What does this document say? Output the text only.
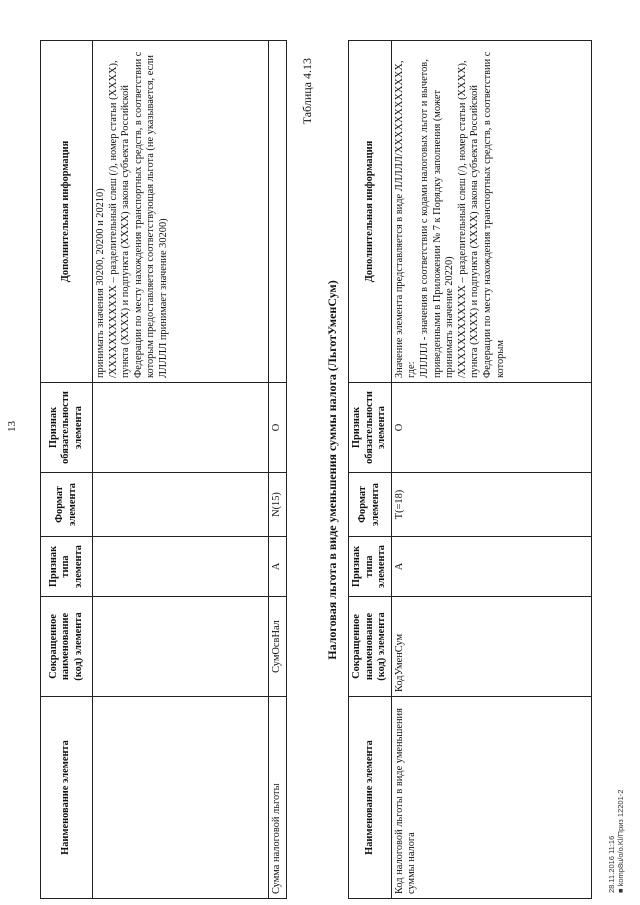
13
Наименование элемента	Сокращенное наименование (код) элемента	Признак типа элемента	Формат элемента	Признак обязательности элемента	Дополнительная информация
					принимать значения 30200, 20200 и 20210)
/ХХХХХХХХХХХХ – разделительный слеш (/), номер статьи (ХХХХ), пункта (ХХХХ) и подпункта (ХХХХ) закона субъекта Российской Федерации по месту нахождения транспортных средств, в соответствии с которым предоставляется соответствующая льгота (не указывается, если ЛЛЛЛЛ принимает значение 30200)
Сумма налоговой льготы	СумОсвНал	А	N(15)	О	
Таблица 4.13
Налоговая льгота в виде уменьшения суммы налога (ЛьготУменСум)
Наименование элемента	Сокращенное наименование (код) элемента	Признак типа элемента	Формат элемента	Признак обязательности элемента	Дополнительная информация
Код налоговой льготы в виде уменьшения суммы налога	КодУменСум	А	T(=18)	О	Значение элемента представляется в виде ЛЛЛЛЛ/ХХХХХХХХХХХХ, где:
ЛЛЛЛЛ - значения в соответствии с кодами налоговых льгот и вычетов, приведенными в Приложении № 7 к Порядку заполнения (может принимать значение 20220)
/ХХХХХХХХХХХХ – разделительный слеш (/), номер статьи (ХХХХ), пункта (ХХХХ) и подпункта (ХХХХ) закона субъекта Российской Федерации по месту нахождения транспортных средств, в соответствии с которым
28.11.2016 11:16 ■ komp8u/о/о.Kl/Приз 12201-2
